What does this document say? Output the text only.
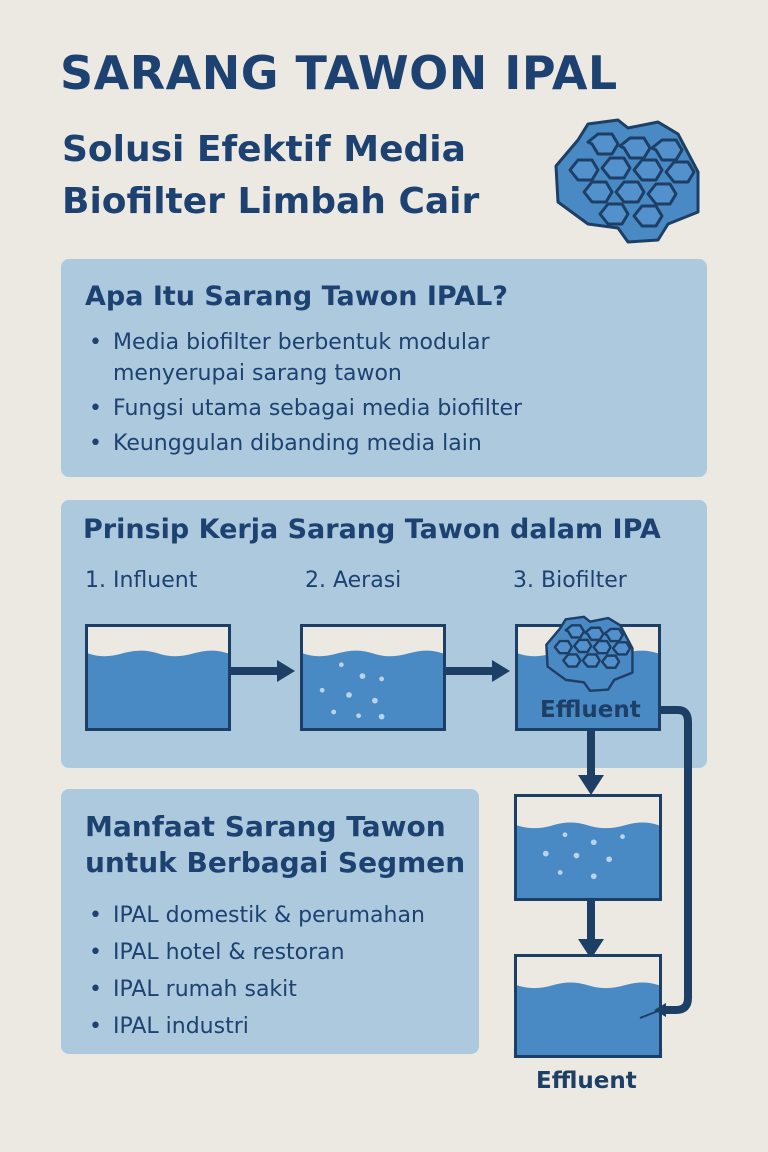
SARANG TAWON IPAL
Solusi Efektif Media
Biofilter Limbah Cair
Apa Itu Sarang Tawon IPAL?
• Media biofilter berbentuk modular menyerupai sarang tawon
• Fungsi utama sebagai media biofilter
• Keunggulan dibanding media lain
Prinsip Kerja Sarang Tawon dalam IPA
1. Influent	2. Aerasi	3. Biofilter
Effluent
Manfaat Sarang Tawon
untuk Berbagai Segmen
• IPAL domestik & perumahan
• IPAL hotel & restoran
• IPAL rumah sakit
• IPAL industri
Effluent
